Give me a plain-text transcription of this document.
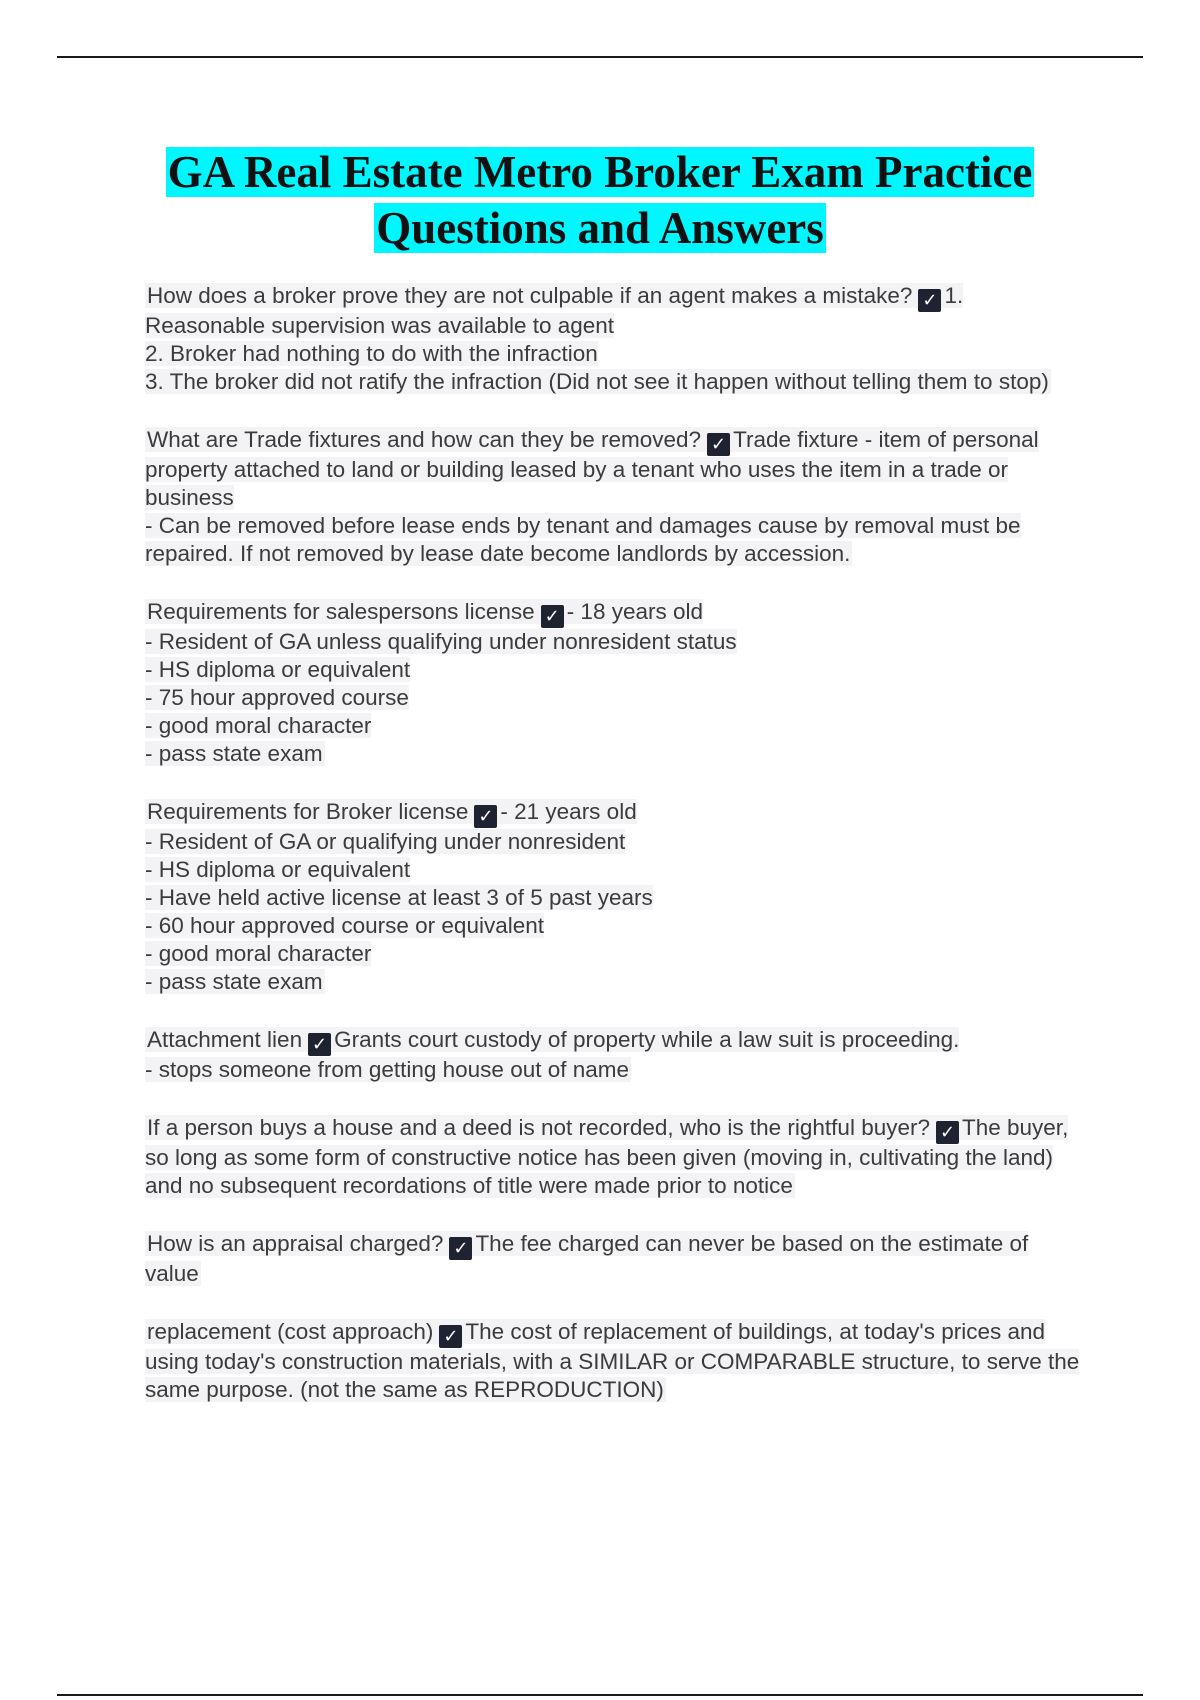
GA Real Estate Metro Broker Exam Practice
Questions and Answers

How does a broker prove they are not culpable if an agent makes a mistake? ✓ 1.
Reasonable supervision was available to agent
2. Broker had nothing to do with the infraction
3. The broker did not ratify the infraction (Did not see it happen without telling them to stop)

What are Trade fixtures and how can they be removed? ✓ Trade fixture - item of personal property attached to land or building leased by a tenant who uses the item in a trade or business
- Can be removed before lease ends by tenant and damages cause by removal must be repaired. If not removed by lease date become landlords by accession.

Requirements for salespersons license ✓ - 18 years old
- Resident of GA unless qualifying under nonresident status
- HS diploma or equivalent
- 75 hour approved course
- good moral character
- pass state exam

Requirements for Broker license ✓ - 21 years old
- Resident of GA or qualifying under nonresident
- HS diploma or equivalent
- Have held active license at least 3 of 5 past years
- 60 hour approved course or equivalent
- good moral character
- pass state exam

Attachment lien ✓ Grants court custody of property while a law suit is proceeding.
- stops someone from getting house out of name

If a person buys a house and a deed is not recorded, who is the rightful buyer? ✓ The buyer, so long as some form of constructive notice has been given (moving in, cultivating the land) and no subsequent recordations of title were made prior to notice

How is an appraisal charged? ✓ The fee charged can never be based on the estimate of value

replacement (cost approach) ✓ The cost of replacement of buildings, at today's prices and using today's construction materials, with a SIMILAR or COMPARABLE structure, to serve the same purpose. (not the same as REPRODUCTION)
